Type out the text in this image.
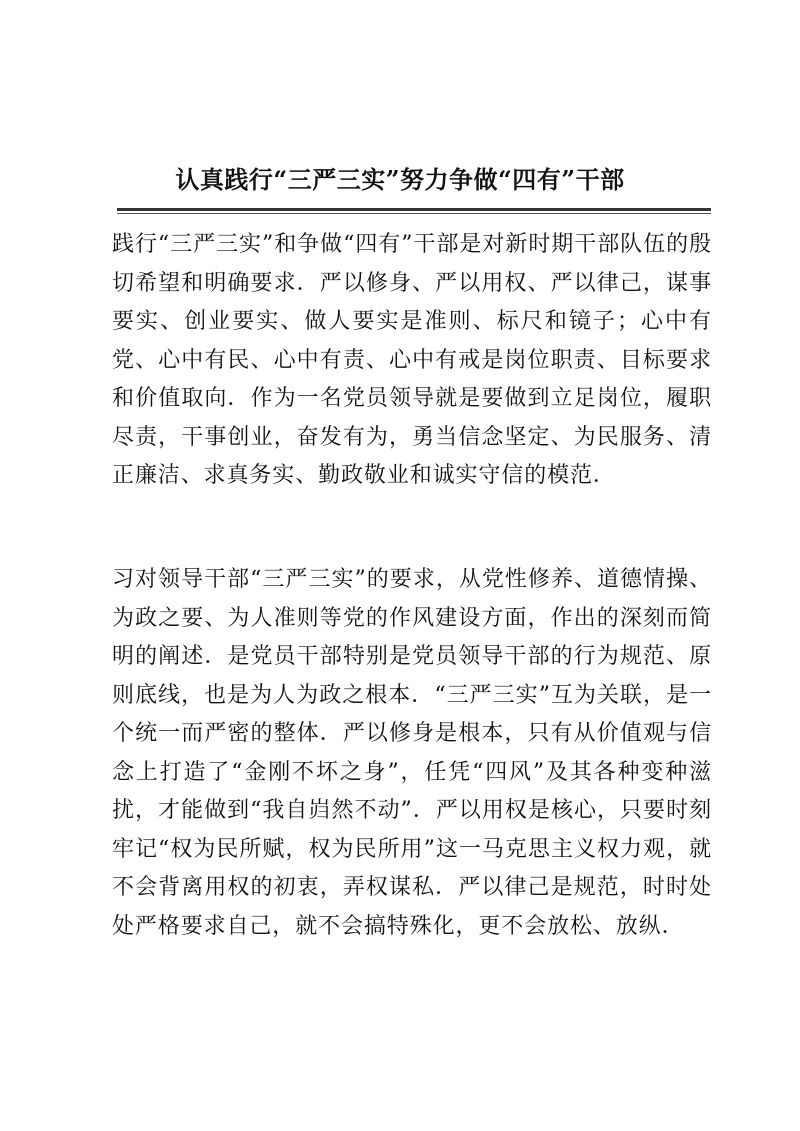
认真践行“三严三实”努力争做“四有”干部
践行“三严三实”和争做“四有”干部是对新时期干部队伍的殷切希望和明确要求．严以修身、严以用权、严以律己，谋事要实、创业要实、做人要实是准则、标尺和镜子；心中有党、心中有民、心中有责、心中有戒是岗位职责、目标要求和价值取向．作为一名党员领导就是要做到立足岗位，履职尽责，干事创业，奋发有为，勇当信念坚定、为民服务、清正廉洁、求真务实、勤政敬业和诚实守信的模范．
习对领导干部“三严三实”的要求，从党性修养、道德情操、为政之要、为人准则等党的作风建设方面，作出的深刻而简明的阐述．是党员干部特别是党员领导干部的行为规范、原则底线，也是为人为政之根本．“三严三实”互为关联，是一个统一而严密的整体．严以修身是根本，只有从价值观与信念上打造了“金刚不坏之身”，任凭“四风”及其各种变种滋扰，才能做到“我自岿然不动”．严以用权是核心，只要时刻牢记“权为民所赋，权为民所用”这一马克思主义权力观，就不会背离用权的初衷，弄权谋私．严以律己是规范，时时处处严格要求自己，就不会搞特殊化，更不会放松、放纵．
